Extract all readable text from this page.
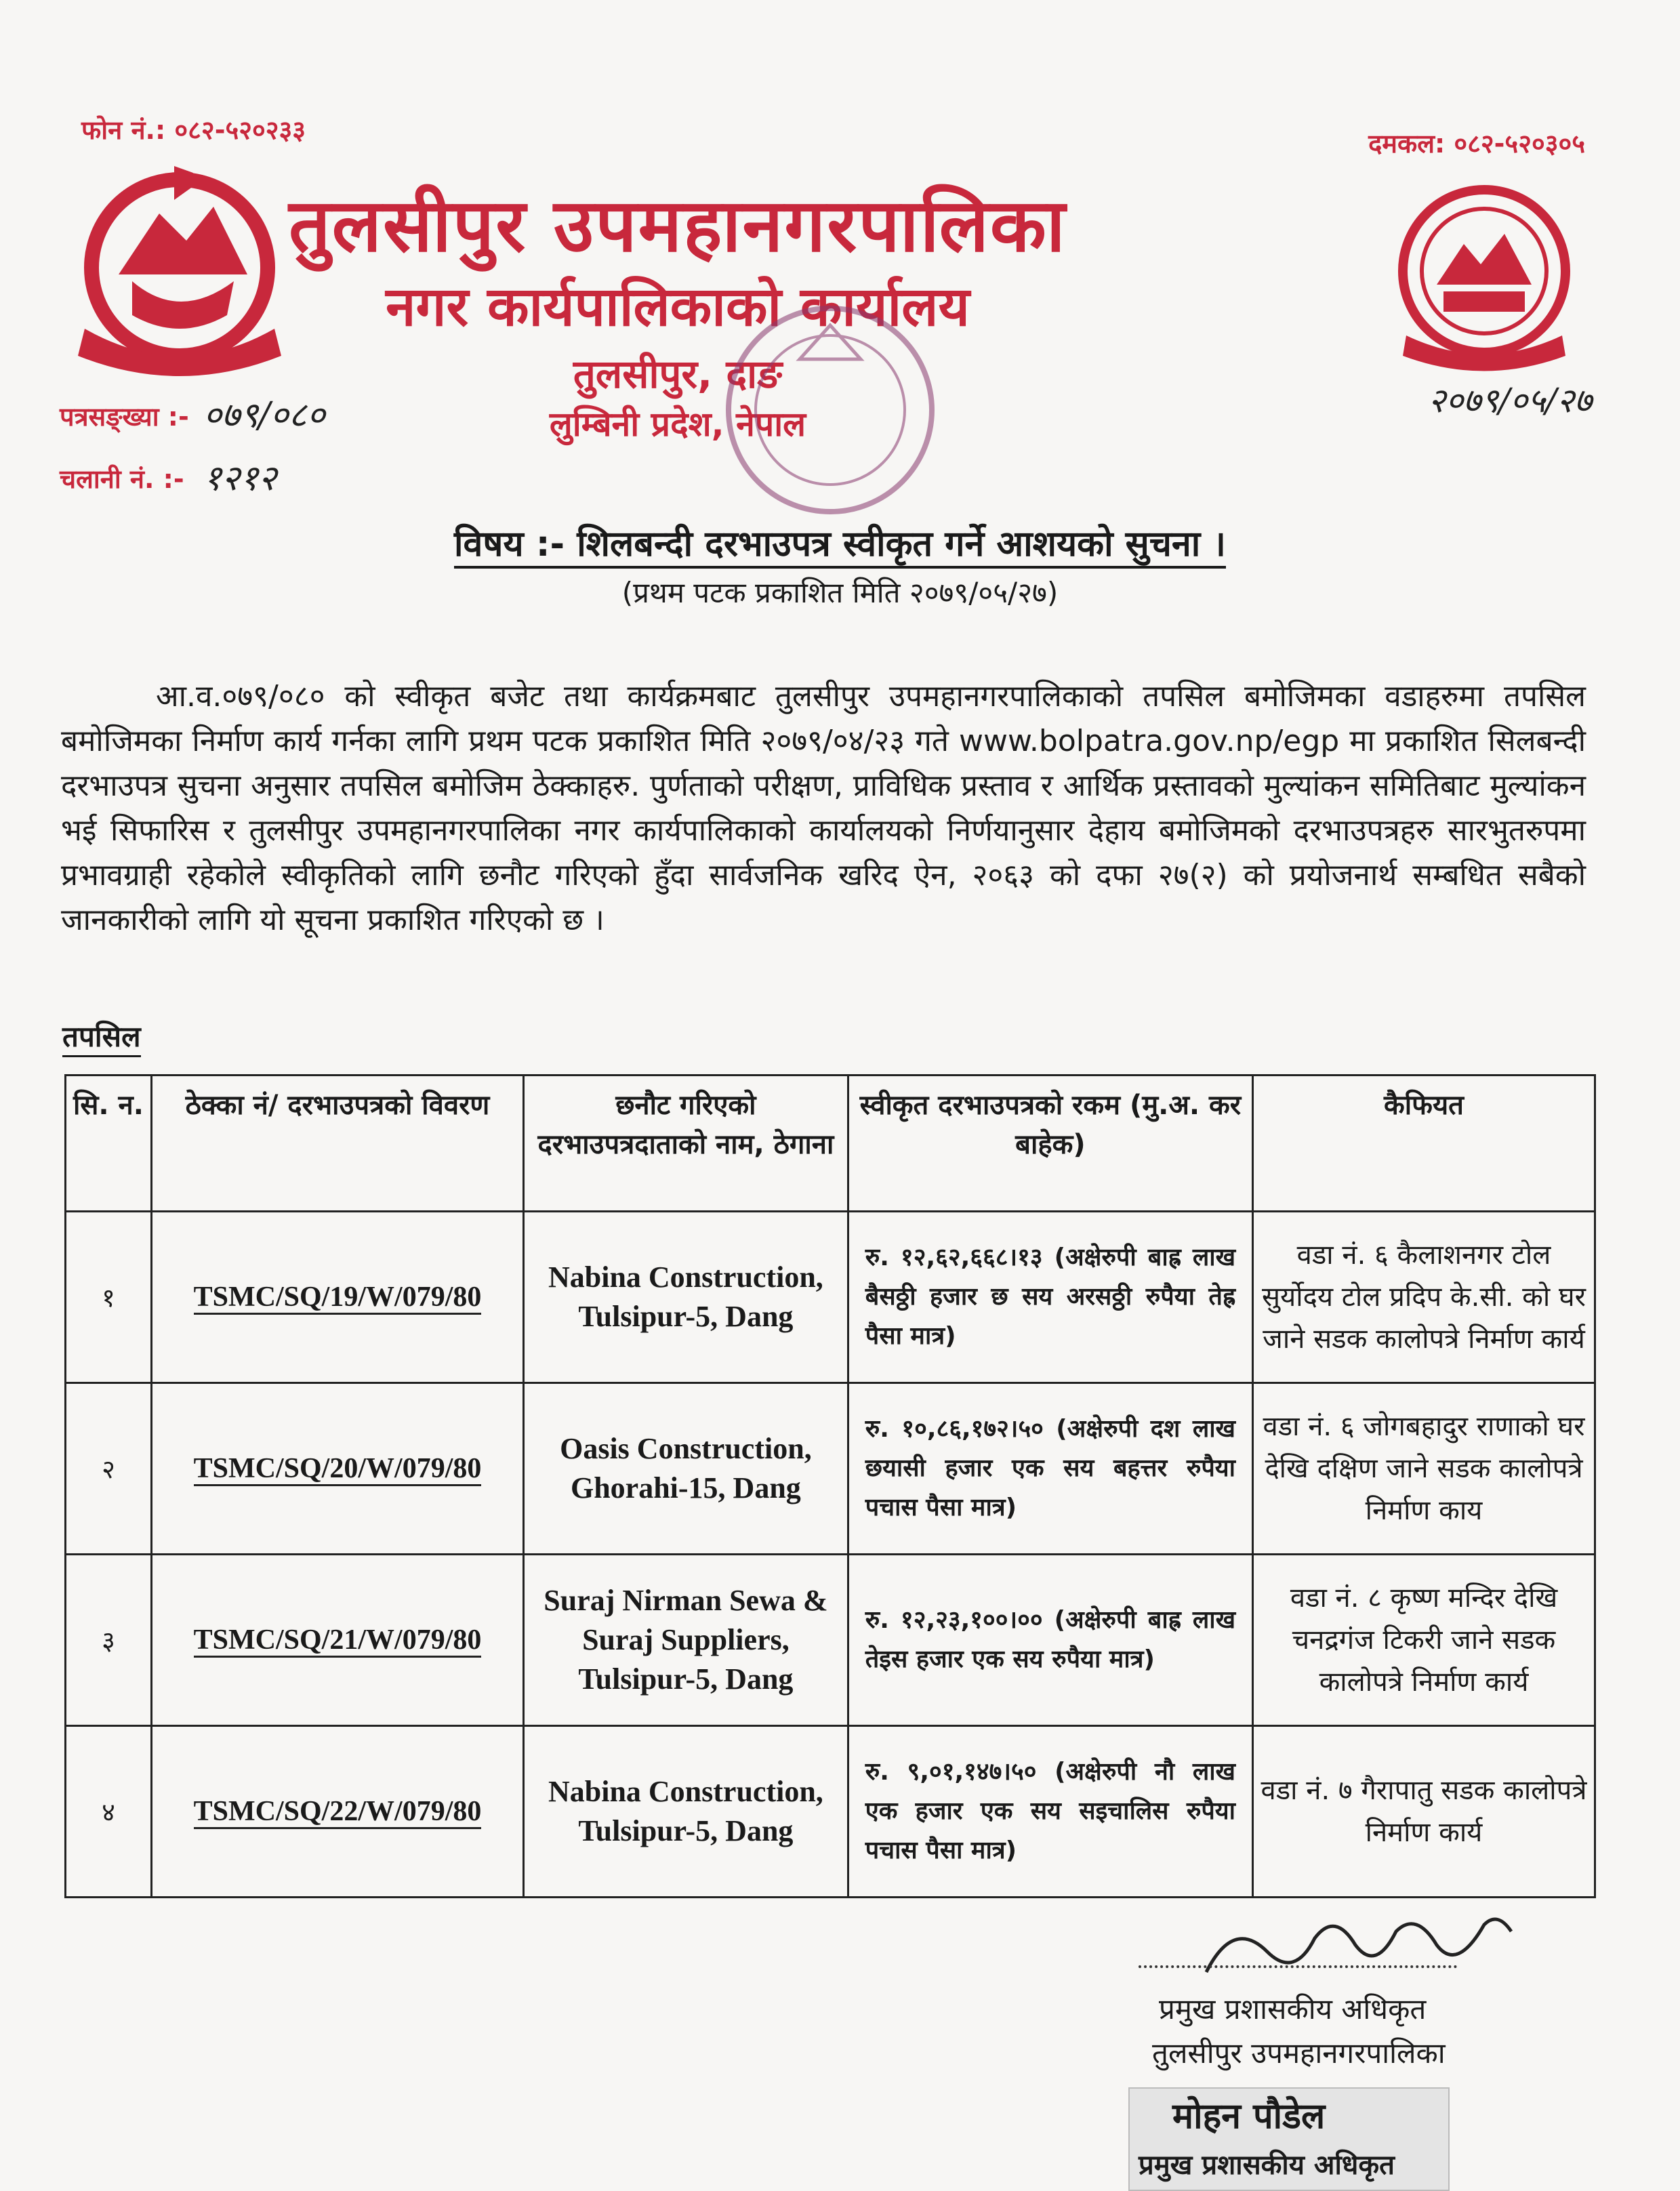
फोन नं.: ०८२-५२०२३३	दमकल: ०८२-५२०३०५
तुलसीपुर उपमहानगरपालिका
नगर कार्यपालिकाको कार्यालय
तुलसीपुर, दाङ
लुम्बिनी प्रदेश, नेपाल
पत्रसङ्ख्या :- ०७९/०८०
चलानी नं. :- १२१२
२०७९/०५/२७
विषय :- शिलबन्दी दरभाउपत्र स्वीकृत गर्ने आशयको सुचना ।
(प्रथम पटक प्रकाशित मिति २०७९/०५/२७)
आ.व.०७९/०८० को स्वीकृत बजेट तथा कार्यक्रमबाट तुलसीपुर उपमहानगरपालिकाको तपसिल बमोजिमका वडाहरुमा तपसिल बमोजिमका निर्माण कार्य गर्नका लागि प्रथम पटक प्रकाशित मिति २०७९/०४/२३ गते www.bolpatra.gov.np/egp मा प्रकाशित सिलबन्दी दरभाउपत्र सुचना अनुसार तपसिल बमोजिम ठेक्काहरु. पुर्णताको परीक्षण, प्राविधिक प्रस्ताव र आर्थिक प्रस्तावको मुल्यांकन समितिबाट मुल्यांकन भई सिफारिस र तुलसीपुर उपमहानगरपालिका नगर कार्यपालिकाको कार्यालयको निर्णयानुसार देहाय बमोजिमको दरभाउपत्रहरु सारभुतरुपमा प्रभावग्राही रहेकोले स्वीकृतिको लागि छनौट गरिएको हुँदा सार्वजनिक खरिद ऐन, २०६३ को दफा २७(२) को प्रयोजनार्थ सम्बधित सबैको जानकारीको लागि यो सूचना प्रकाशित गरिएको छ ।
तपसिल
सि. न.	ठेक्का नं/ दरभाउपत्रको विवरण	छनौट गरिएको दरभाउपत्रदाताको नाम, ठेगाना	स्वीकृत दरभाउपत्रको रकम (मु.अ. कर बाहेक)	कैफियत
१	TSMC/SQ/19/W/079/80	Nabina Construction, Tulsipur-5, Dang	रु. १२,६२,६६८।१३ (अक्षेरुपी बाह्र लाख बैसठ्ठी हजार छ सय अरसठ्ठी रुपैया तेह्र पैसा मात्र)	वडा नं. ६ कैलाशनगर टोल सुर्योदय टोल प्रदिप के.सी. को घर जाने सडक कालोपत्रे निर्माण कार्य
२	TSMC/SQ/20/W/079/80	Oasis Construction, Ghorahi-15, Dang	रु. १०,८६,१७२।५० (अक्षेरुपी दश लाख छयासी हजार एक सय बहत्तर रुपैया पचास पैसा मात्र)	वडा नं. ६ जोगबहादुर राणाको घर देखि दक्षिण जाने सडक कालोपत्रे निर्माण काय
३	TSMC/SQ/21/W/079/80	Suraj Nirman Sewa & Suraj Suppliers, Tulsipur-5, Dang	रु. १२,२३,१००।०० (अक्षेरुपी बाह्र लाख तेइस हजार एक सय रुपैया मात्र)	वडा नं. ८ कृष्ण मन्दिर देखि चनद्रगंज टिकरी जाने सडक कालोपत्रे निर्माण कार्य
४	TSMC/SQ/22/W/079/80	Nabina Construction, Tulsipur-5, Dang	रु. ९,०१,१४७।५० (अक्षेरुपी नौ लाख एक हजार एक सय सइचालिस रुपैया पचास पैसा मात्र)	वडा नं. ७ गैरापातु सडक कालोपत्रे निर्माण कार्य
प्रमुख प्रशासकीय अधिकृत
तुलसीपुर उपमहानगरपालिका
मोहन पौडेल
प्रमुख प्रशासकीय अधिकृत
